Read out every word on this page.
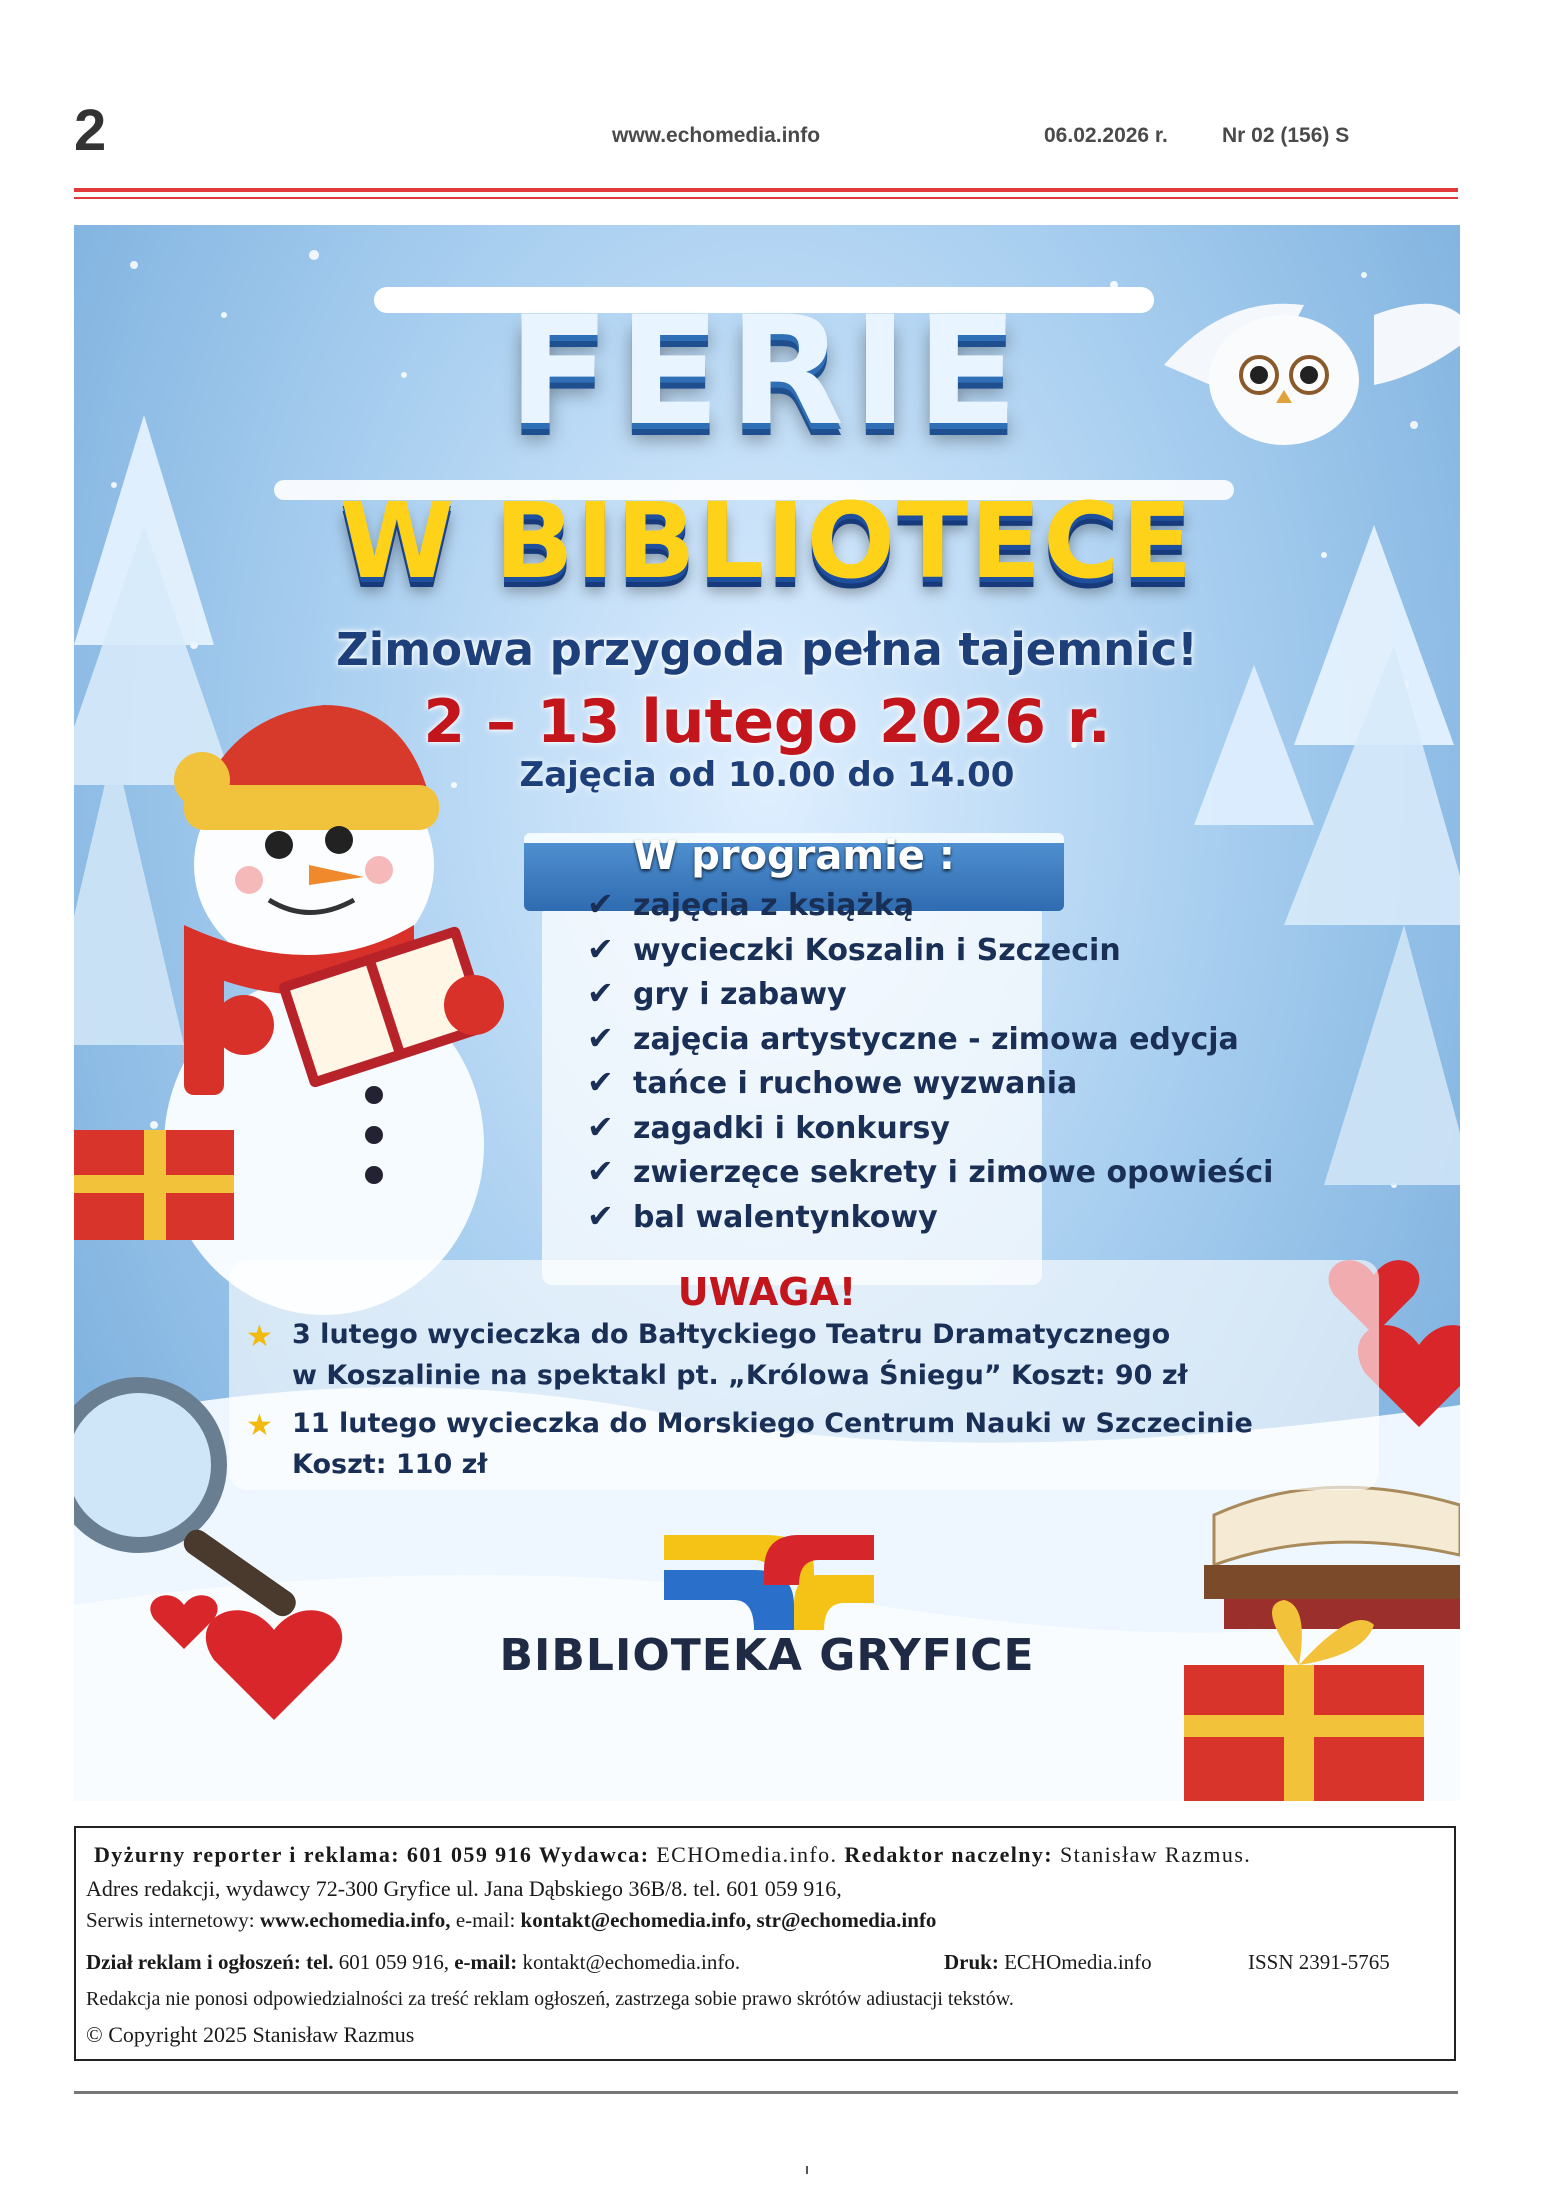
2	www.echomedia.info	06.02.2026 r.	Nr 02 (156) S
FERIE
W BIBLIOTECE
Zimowa przygoda pełna tajemnic!
2 – 13 lutego 2026 r.
Zajęcia od 10.00 do 14.00
W programie :
✔ zajęcia z książką
✔ wycieczki Koszalin i Szczecin
✔ gry i zabawy
✔ zajęcia artystyczne - zimowa edycja
✔ tańce i ruchowe wyzwania
✔ zagadki i konkursy
✔ zwierzęce sekrety i zimowe opowieści
✔ bal walentynkowy
UWAGA!
★ 3 lutego wycieczka do Bałtyckiego Teatru Dramatycznego
w Koszalinie na spektakl pt. „Królowa Śniegu” Koszt: 90 zł
★ 11 lutego wycieczka do Morskiego Centrum Nauki w Szczecinie
Koszt: 110 zł
BIBLIOTEKA GRYFICE
Dyżurny reporter i reklama: 601 059 916 Wydawca: ECHOmedia.info. Redaktor naczelny: Stanisław Razmus.
Adres redakcji, wydawcy 72-300 Gryfice ul. Jana Dąbskiego 36B/8. tel. 601 059 916,
Serwis internetowy: www.echomedia.info, e-mail: kontakt@echomedia.info, str@echomedia.info
Dział reklam i ogłoszeń: tel. 601 059 916, e-mail: kontakt@echomedia.info.	Druk: ECHOmedia.info	ISSN 2391-5765
Redakcja nie ponosi odpowiedzialności za treść reklam ogłoszeń, zastrzega sobie prawo skrótów adiustacji tekstów.
© Copyright 2025 Stanisław Razmus
